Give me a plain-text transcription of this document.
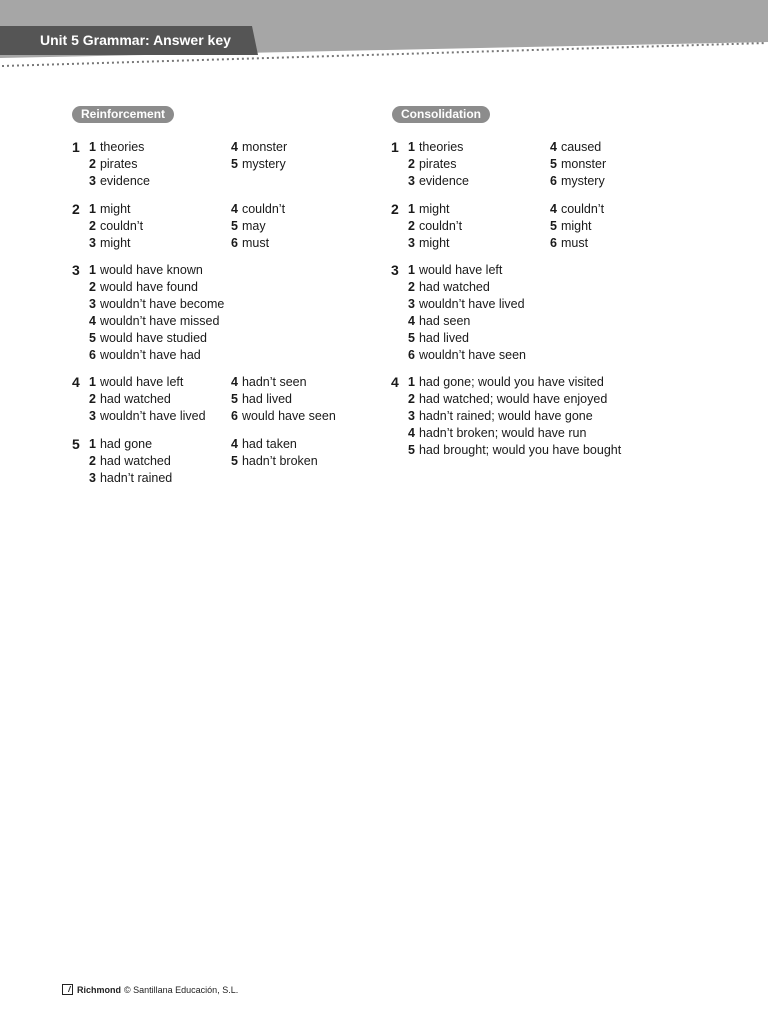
Unit 5 Grammar: Answer key
Reinforcement
1 1 theories
2 pirates
3 evidence
4 monster
5 mystery
2 1 might
2 couldn’t
3 might
4 couldn’t
5 may
6 must
3 1 would have known
2 would have found
3 wouldn’t have become
4 wouldn’t have missed
5 would have studied
6 wouldn’t have had
4 1 would have left
2 had watched
3 wouldn’t have lived
4 hadn’t seen
5 had lived
6 would have seen
5 1 had gone
2 had watched
3 hadn’t rained
4 had taken
5 hadn’t broken
Consolidation
1 1 theories
2 pirates
3 evidence
4 caused
5 monster
6 mystery
2 1 might
2 couldn’t
3 might
4 couldn’t
5 might
6 must
3 1 would have left
2 had watched
3 wouldn’t have lived
4 had seen
5 had lived
6 wouldn’t have seen
4 1 had gone; would you have visited
2 had watched; would have enjoyed
3 hadn’t rained; would have gone
4 hadn’t broken; would have run
5 had brought; would you have bought
Richmond © Santillana Educación, S.L.
